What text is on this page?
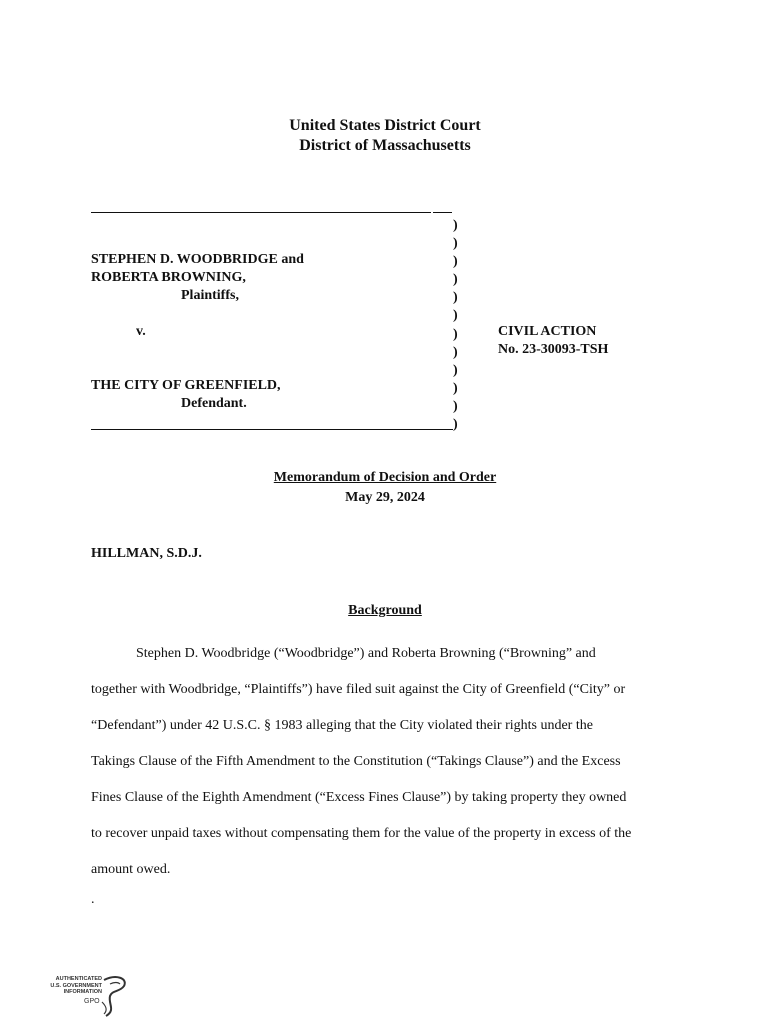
United States District Court
District of Massachusetts
)
)
)
)
)
)
)
)
)
)
)
)
STEPHEN D. WOODBRIDGE and
ROBERTA BROWNING,
Plaintiffs,
v.
THE CITY OF GREENFIELD,
Defendant.
CIVIL ACTION
No. 23-30093-TSH
Memorandum of Decision and Order
May 29, 2024
HILLMAN, S.D.J.
Background
Stephen D. Woodbridge (“Woodbridge”) and Roberta Browning (“Browning” and
together with Woodbridge, “Plaintiffs”) have filed suit against the City of Greenfield (“City” or
“Defendant”) under 42 U.S.C. § 1983 alleging that the City violated their rights under the
Takings Clause of the Fifth Amendment to the Constitution (“Takings Clause”) and the Excess
Fines Clause of the Eighth Amendment (“Excess Fines Clause”) by taking property they owned
to recover unpaid taxes without compensating them for the value of the property in excess of the
amount owed.
.
AUTHENTICATED
U.S. GOVERNMENT
INFORMATION
GPO
